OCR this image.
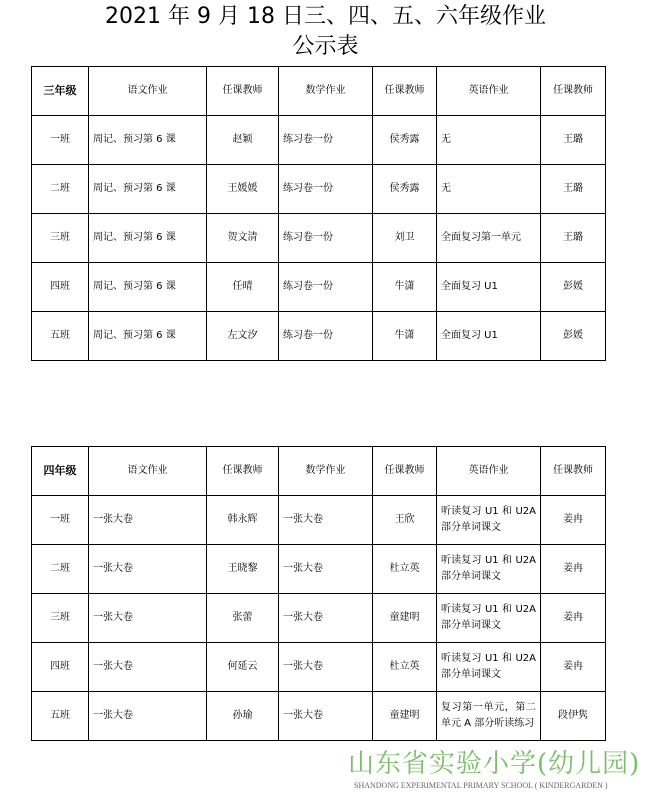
2021 年 9 月 18 日三、四、五、六年级作业
公示表
三年级	语文作业	任课教师	数学作业	任课教师	英语作业	任课教师
一班	周记、预习第 6 课	赵颖	练习卷一份	侯秀露	无	王璐
二班	周记、预习第 6 课	王媛媛	练习卷一份	侯秀露	无	王璐
三班	周记、预习第 6 课	贺文清	练习卷一份	刘卫	全面复习第一单元	王璐
四班	周记、预习第 6 课	任晴	练习卷一份	牛潇	全面复习 U1	彭媛
五班	周记、预习第 6 课	左文汐	练习卷一份	牛潇	全面复习 U1	彭媛
四年级	语文作业	任课教师	数学作业	任课教师	英语作业	任课教师
一班	一张大卷	韩永辉	一张大卷	王欣	听读复习 U1 和 U2A 部分单词课文	姜冉
二班	一张大卷	王晓黎	一张大卷	杜立英	听读复习 U1 和 U2A 部分单词课文	姜冉
三班	一张大卷	张蕾	一张大卷	童建明	听读复习 U1 和 U2A 部分单词课文	姜冉
四班	一张大卷	何延云	一张大卷	杜立英	听读复习 U1 和 U2A 部分单词课文	姜冉
五班	一张大卷	孙瑜	一张大卷	童建明	复习第一单元，第二单元 A 部分听读练习	段伊隽
山东省实验小学(幼儿园)
SHANDONG EXPERIMENTAL PRIMARY SCHOOL ( KINDERGARDEN )
